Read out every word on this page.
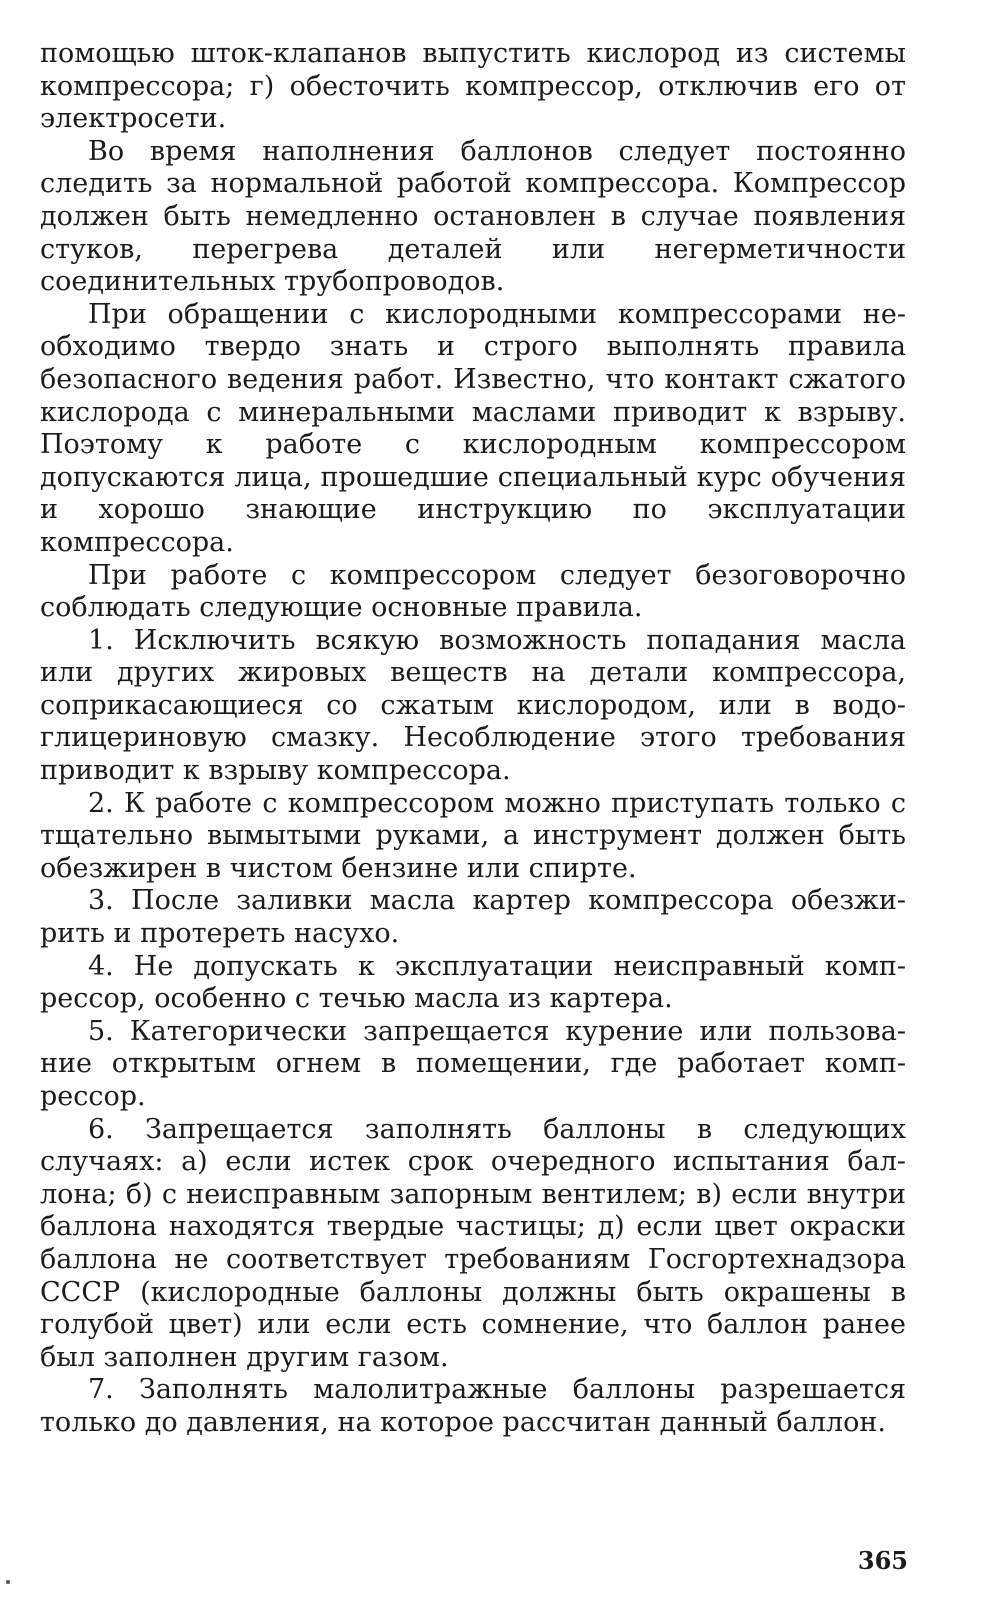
помощью шток-клапанов выпустить кислород из системы компрессора; г) обесточить компрессор, отключив его от электросети.

Во время наполнения баллонов следует постоянно следить за нормальной работой компрессора. Компрессор должен быть немедленно остановлен в случае появления стуков, перегрева деталей или негерметичности соединительных трубопроводов.

При обращении с кислородными компрессорами необходимо твердо знать и строго выполнять правила безопасного ведения работ. Известно, что контакт сжатого кислорода с минеральными маслами приводит к взрыву. Поэтому к работе с кислородным компрессором допускаются лица, прошедшие специальный курс обучения и хорошо знающие инструкцию по эксплуатации компрессора.

При работе с компрессором следует безоговорочно соблюдать следующие основные правила.

1. Исключить всякую возможность попадания масла или других жировых веществ на детали компрессора, соприкасающиеся со сжатым кислородом, или в водоглицериновую смазку. Несоблюдение этого требования приводит к взрыву компрессора.

2. К работе с компрессором можно приступать только с тщательно вымытыми руками, а инструмент должен быть обезжирен в чистом бензине или спирте.

3. После заливки масла картер компрессора обезжирить и протереть насухо.

4. Не допускать к эксплуатации неисправный компрессор, особенно с течью масла из картера.

5. Категорически запрещается курение или пользование открытым огнем в помещении, где работает компрессор.

6. Запрещается заполнять баллоны в следующих случаях: а) если истек срок очередного испытания баллона; б) с неисправным запорным вентилем; в) если внутри баллона находятся твердые частицы; д) если цвет окраски баллона не соответствует требованиям Госгортехнадзора СССР (кислородные баллоны должны быть окрашены в голубой цвет) или если есть сомнение, что баллон ранее был заполнен другим газом.

7. Заполнять малолитражные баллоны разрешается только до давления, на которое рассчитан данный баллон.

365
